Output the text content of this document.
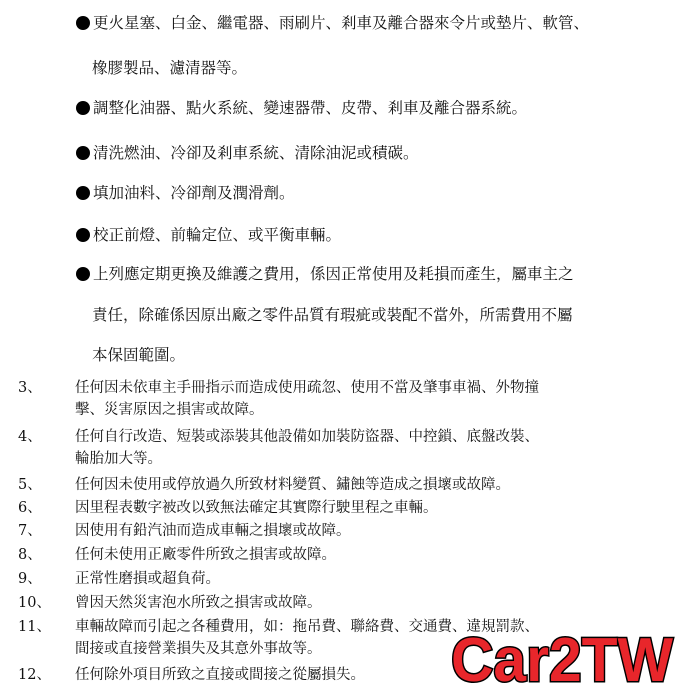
更火星塞、白金、繼電器、雨刷片、剎車及離合器來令片或墊片、軟管、
橡膠製品、濾清器等。
調整化油器、點火系統、變速器帶、皮帶、剎車及離合器系統。
清洗燃油、冷卻及剎車系統、清除油泥或積碳。
填加油料、冷卻劑及潤滑劑。
校正前燈、前輪定位、或平衡車輛。
上列應定期更換及維護之費用，係因正常使用及耗損而產生，屬車主之
責任，除確係因原出廠之零件品質有瑕疵或裝配不當外，所需費用不屬
本保固範圍。
3、 任何因未依車主手冊指示而造成使用疏忽、使用不當及肇事車禍、外物撞
擊、災害原因之損害或故障。
4、 任何自行改造、短裝或添裝其他設備如加裝防盜器、中控鎖、底盤改裝、
輪胎加大等。
5、 任何因未使用或停放過久所致材料變質、鏽蝕等造成之損壞或故障。
6、 因里程表數字被改以致無法確定其實際行駛里程之車輛。
7、 因使用有鉛汽油而造成車輛之損壞或故障。
8、 任何未使用正廠零件所致之損害或故障。
9、 正常性磨損或超負荷。
10、 曾因天然災害泡水所致之損害或故障。
11、 車輛故障而引起之各種費用，如：拖吊費、聯絡費、交通費、違規罰款、
間接或直接營業損失及其意外事故等。
12、 任何除外項目所致之直接或間接之從屬損失。 Car2TW
